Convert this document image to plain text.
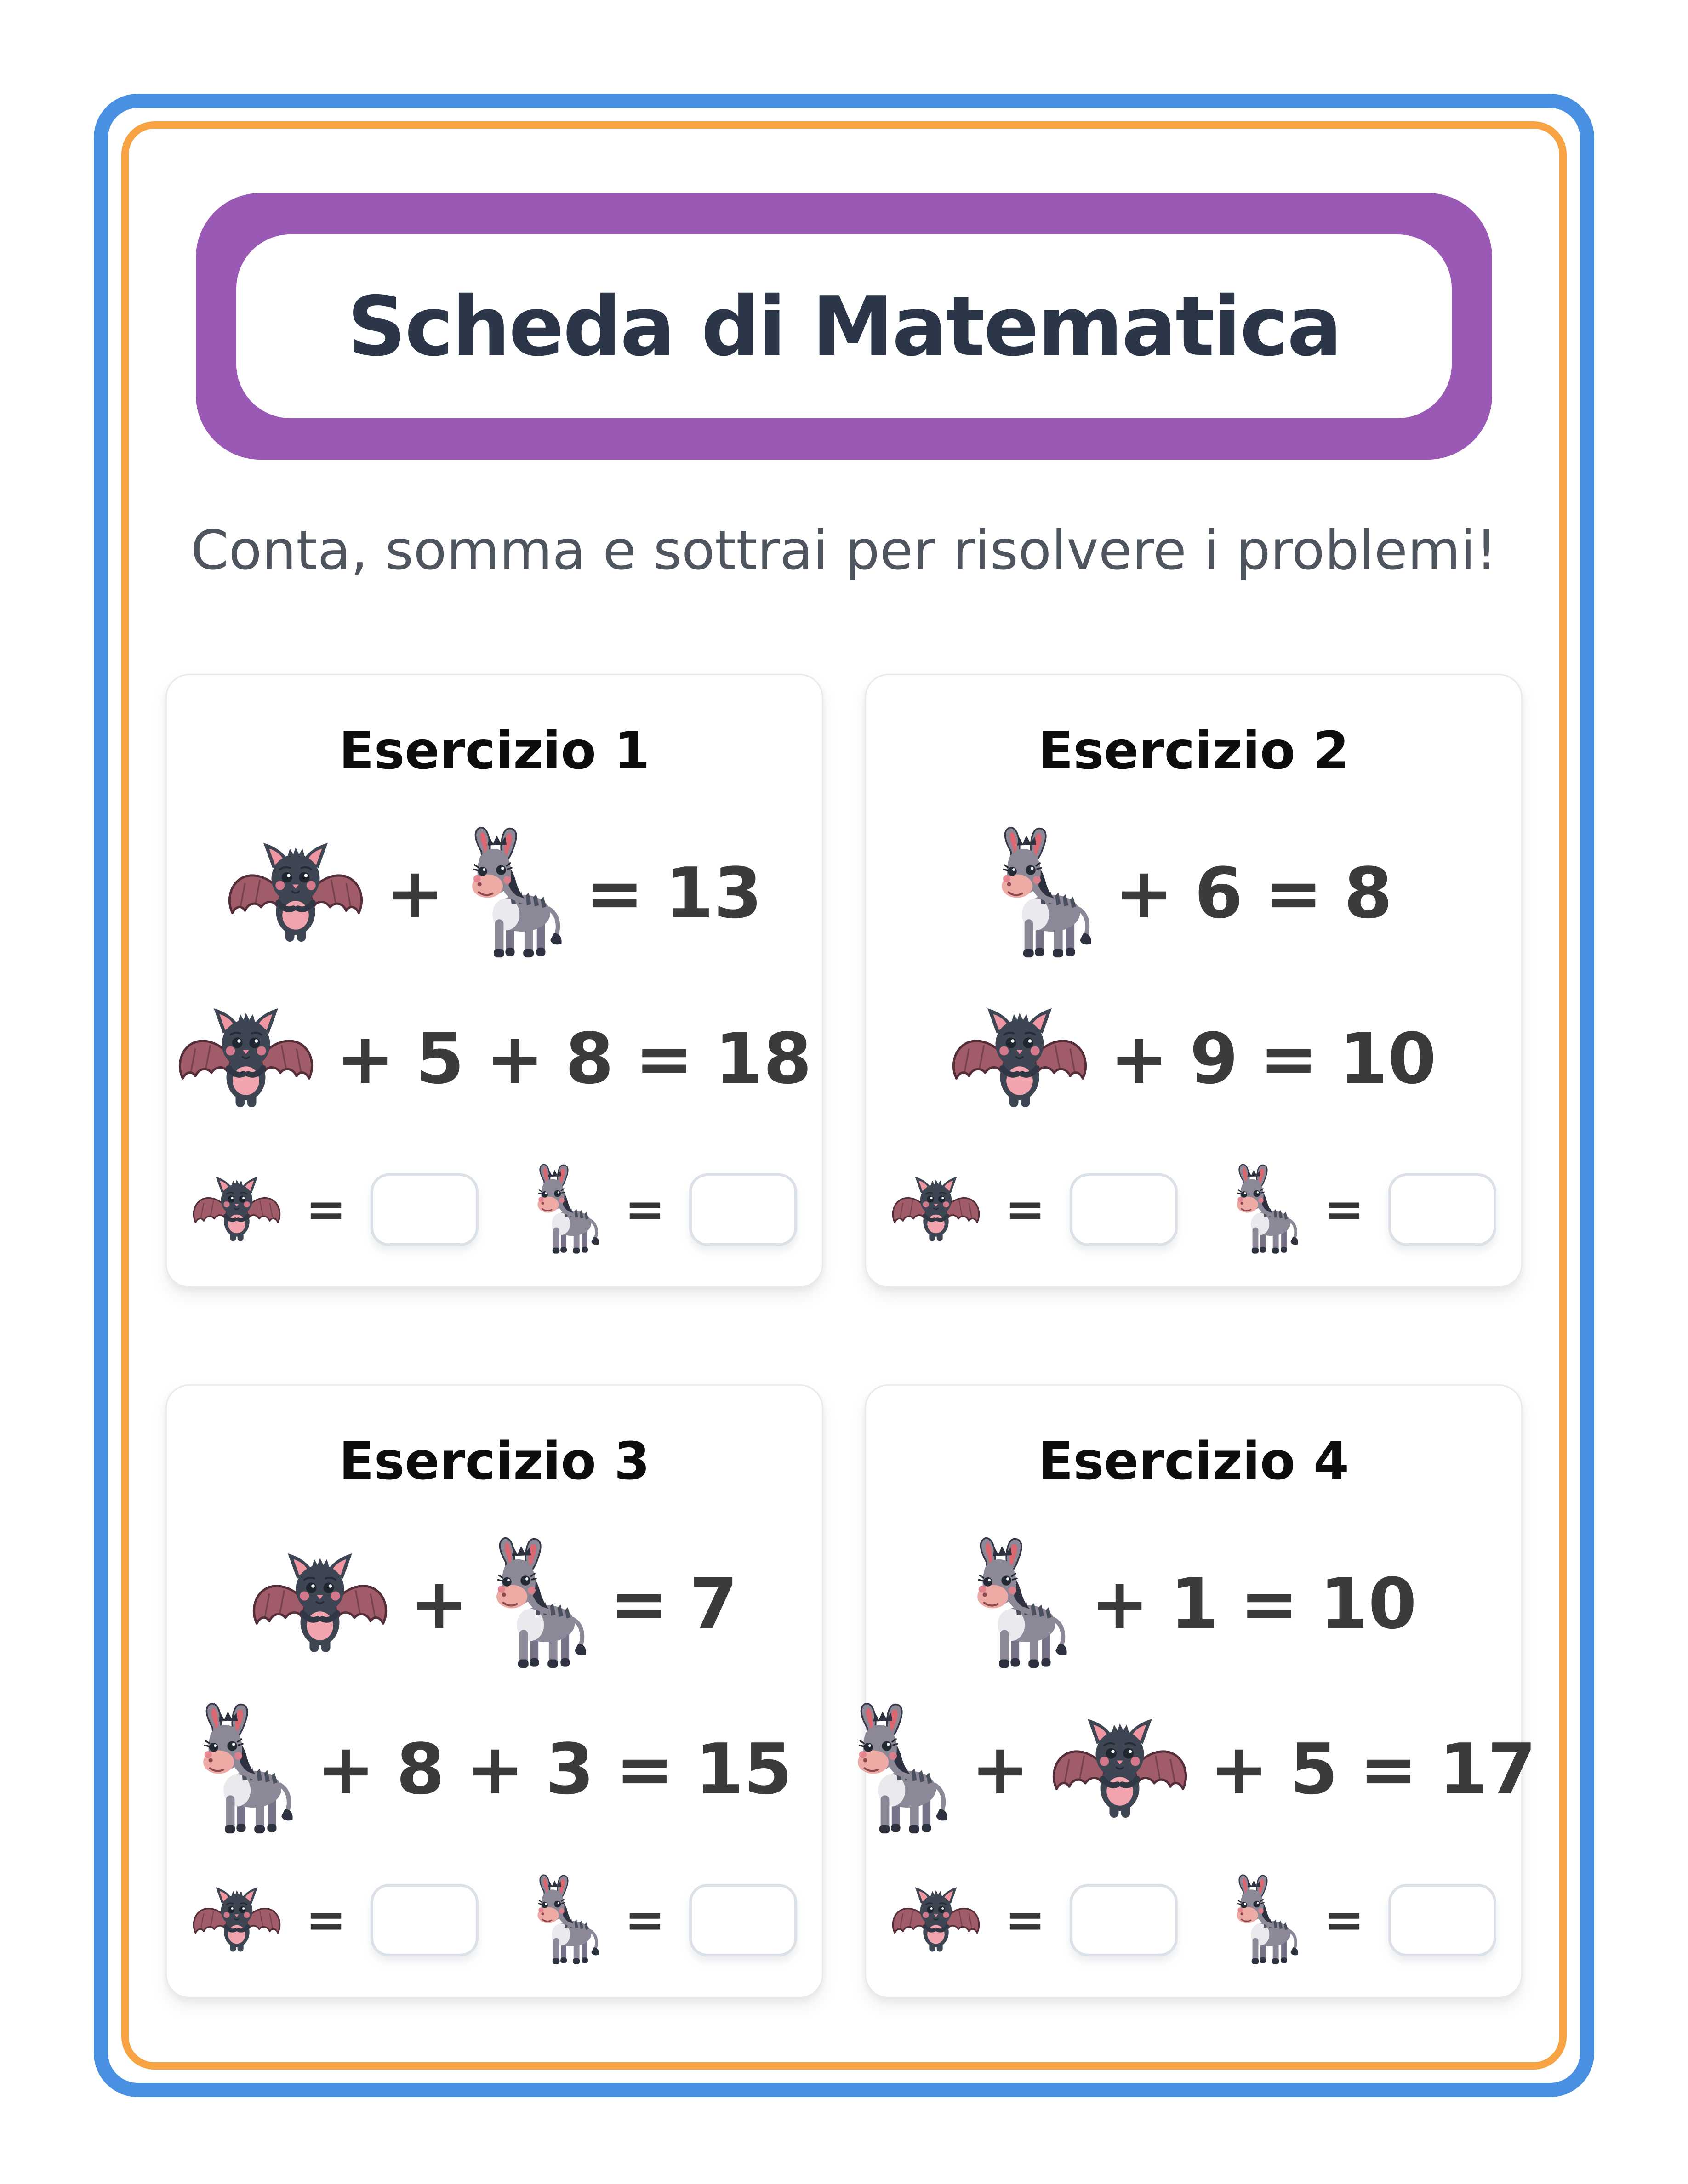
Scheda di Matematica

Conta, somma e sottrai per risolvere i problemi!

Esercizio 1
+ = 13
+ 5 + 8 = 18
=	=
Esercizio 3
+ = 7
+ 8 + 3 = 15
=	=
Esercizio 2
+ 6 = 8
+ 9 = 10
=	=
Esercizio 4
+ 1 = 10
+	+ 5 = 17
=	=
